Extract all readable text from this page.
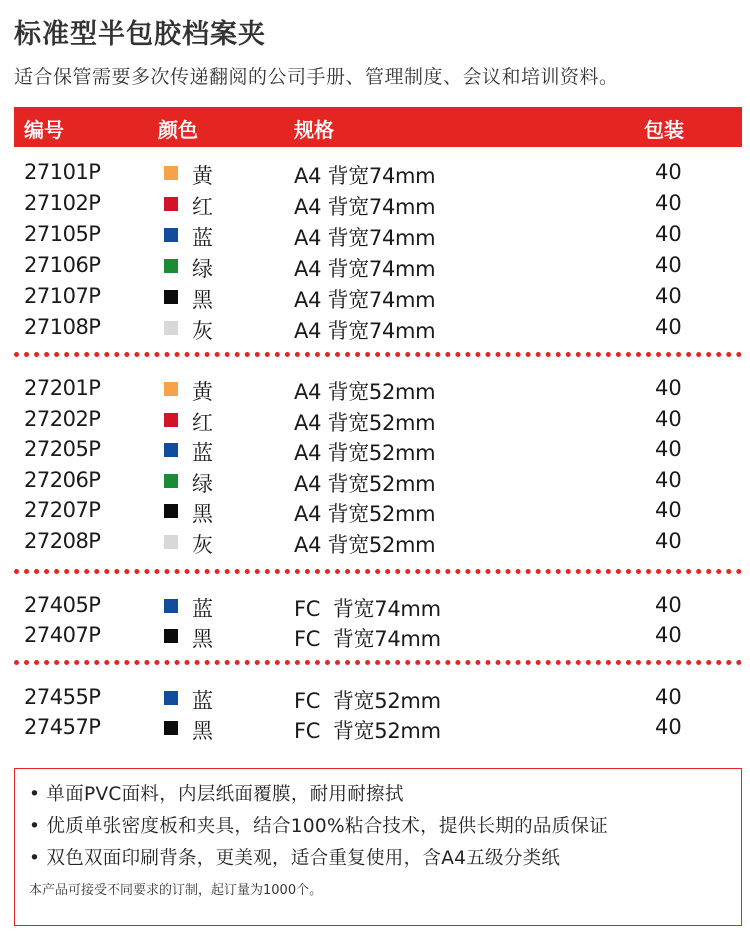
标准型半包胶档案夹
适合保管需要多次传递翻阅的公司手册、管理制度、会议和培训资料。
编号	颜色	规格	包装
27101P	黄	A4 背宽74mm	40
27102P	红	A4 背宽74mm	40
27105P	蓝	A4 背宽74mm	40
27106P	绿	A4 背宽74mm	40
27107P	黑	A4 背宽74mm	40
27108P	灰	A4 背宽74mm	40
27201P	黄	A4 背宽52mm	40
27202P	红	A4 背宽52mm	40
27205P	蓝	A4 背宽52mm	40
27206P	绿	A4 背宽52mm	40
27207P	黑	A4 背宽52mm	40
27208P	灰	A4 背宽52mm	40
27405P	蓝	FC  背宽74mm	40
27407P	黑	FC  背宽74mm	40
27455P	蓝	FC  背宽52mm	40
27457P	黑	FC  背宽52mm	40
• 单面PVC面料，内层纸面覆膜，耐用耐擦拭
• 优质单张密度板和夹具，结合100%粘合技术，提供长期的品质保证
• 双色双面印刷背条，更美观，适合重复使用，含A4五级分类纸
本产品可接受不同要求的订制，起订量为1000个。
